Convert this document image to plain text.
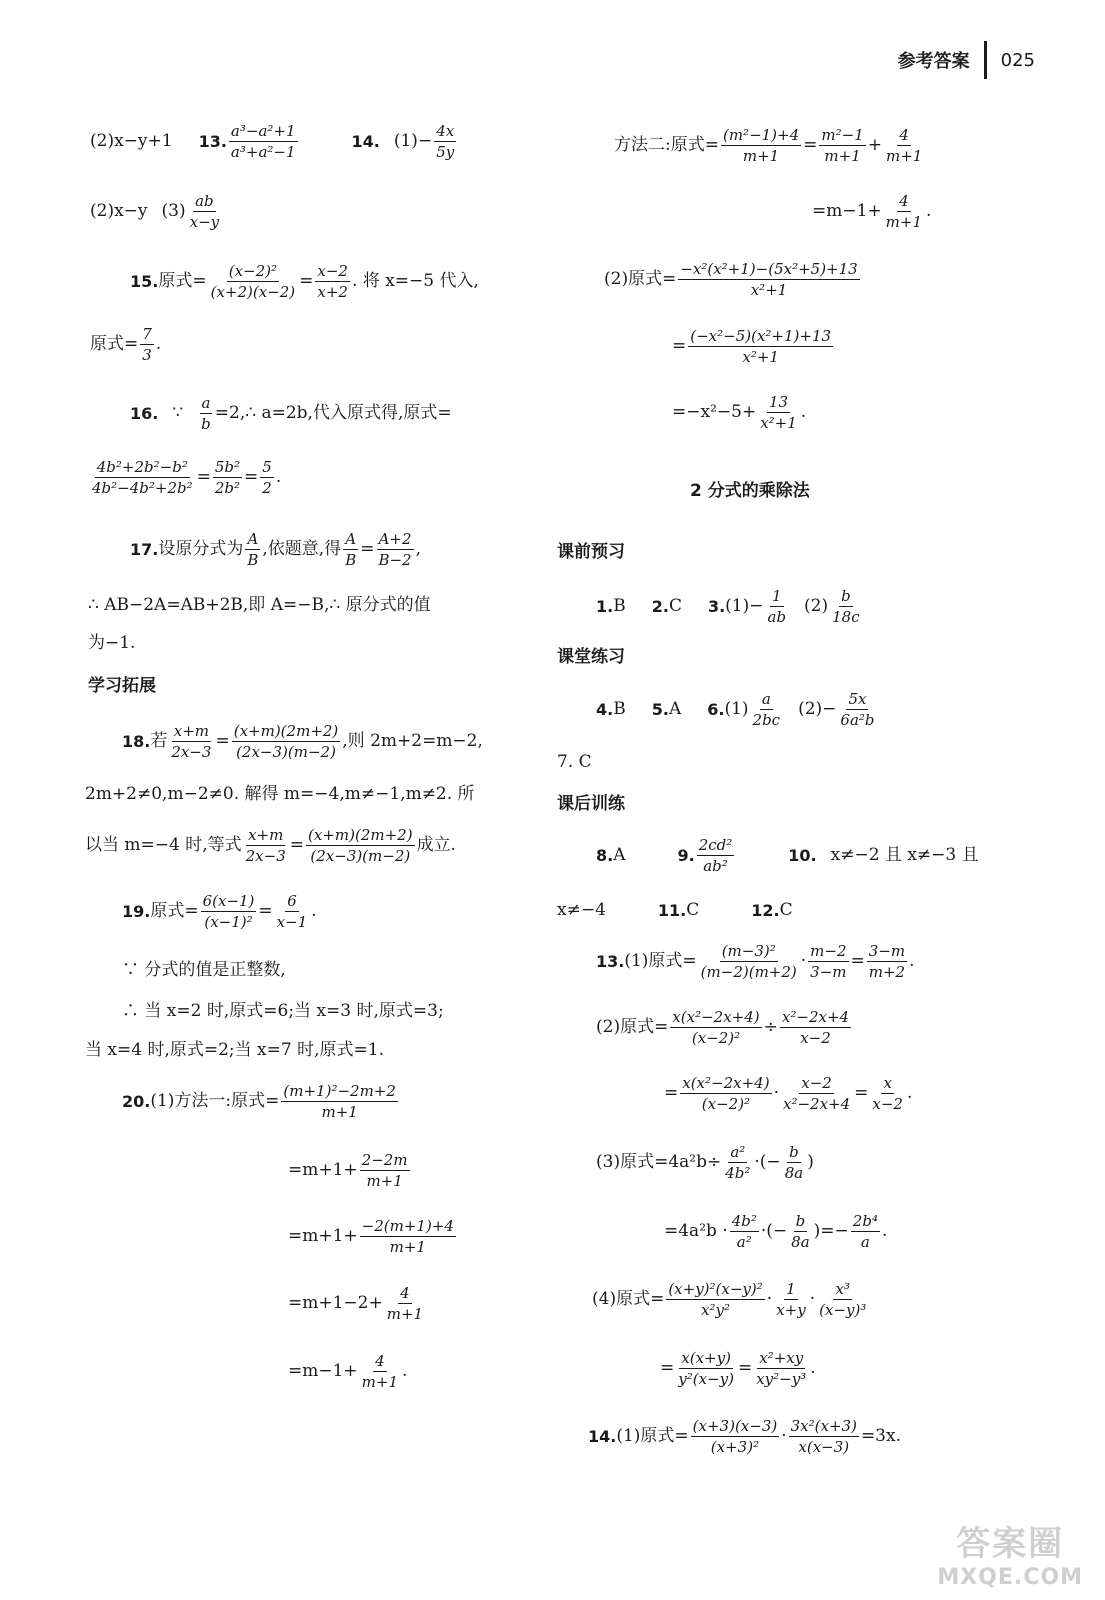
参考答案 025
(2)x−y+1 13.
a³−a²+1
a³+a²−1
14. $(1)- \frac{4x}{5y}$
(2)x−y (3)
ab
x−y
15. 原式= $\frac{\text{(x−2)²}}{(x+2)(x-2)} = \frac{x-2}{x+2}$ . 将 x=−5 代入,
原式= $\frac{7}{3}$ .
16. ∵ $\frac{a}{b}$ =2,∴ a=2b,代入原式得,原式=
$\frac{\text{4b²+2b²−b²}}{\text{4b²−4b²+2b²}} = \frac{\text{5b²}}{\text{2b²}} = \frac{5}{2}$ .
17. 设原分式为
A
B
,依题意,得 $\frac{A}{B} = \frac{A+2}{B-2}$ ,
∴ AB−2A=AB+2B,即 A=−B,∴ 原分式的值
为−1.
学习拓展
18. 若 $\frac{x+m}{2x-3} = \frac{(x+m)(2m+2)}{(2x-3)(m-2)}$ ,则 2m+2=m−2,
2m+2≠0,m−2≠0. 解得 m=−4,m≠−1,m≠2. 所
以当 m=−4 时,等式 $\frac{x+m}{2x-3} = \frac{(x+m)(2m+2)}{(2x-3)(m-2)}$ 成立.
19. 原式= $\frac{6(x-1)}{\text{(x−1)²}} = \frac{6}{x-1}$ .
∵ 分式的值是正整数,
∴ 当 x=2 时,原式=6;当 x=3 时,原式=3;
当 x=4 时,原式=2;当 x=7 时,原式=1.
20. (1)方法一:原式= $\frac{\text{(m+1)²−2m+2}}{m+1}$
$=m+1+ \frac{2-2m}{m+1}$
$=m+1+ \frac{-2(m+1)+4}{m+1}$
$=m+1-2+ \frac{4}{m+1}$
$=m-1+ \frac{4}{m+1}$ .
方法二:原式= $\frac{\text{(m²−1)+4}}{m+1} = \frac{\text{m²−1}}{m+1} + \frac{4}{m+1}$
$=m-1+ \frac{4}{m+1}$ .
(2)原式= $\frac{\text{−x²(x²+1)−(5x²+5)+13}}{\text{x²+1}}$
= $\frac{\text{(−x²−5)(x²+1)+13}}{\text{x²+1}}$
$=-x^2-5+ \frac{13}{\text{x²+1}}$ .
2 分式的乘除法
课前预习
1. B 2. C 3. $(1)- \frac{1}{ab} (2)$
b
18c
课堂练习
4. B 5. A 6. (1)
a
2bc
$(2)- \frac{5x}{\text{6a²b}}$
7. C
课后训练
8. A	9.
2cd²
ab²
10. x≠−2 且 x≠−3 且
x≠−4	11. C	12. C
13. (1)原式= $\frac{\text{(m−3)²}}{(m-2)(m+2)} \cdot \frac{m-2}{3-m} = \frac{3-m}{m+2}$ .
(2)原式= $\frac{\text{x(x²−2x+4)}}{\text{(x−2)²}} \div \frac{\text{x²−2x+4}}{x-2}$
= $\frac{\text{x(x²−2x+4)}}{\text{(x−2)²}} \cdot \frac{x-2}{\text{x²−2x+4}} = \frac{x}{x-2}$ .
(3)原式$=4a^2b\div \frac{\text{a²}}{\text{4b²}}$ · (− $\frac{b}{8a}$ )
=4a²b ·
4b²
a²
· (− $\frac{b}{8a}$ )=− $\frac{\text{2b⁴}}{a}$ .
(4)原式= $\frac{\text{(x+y)²(x−y)²}}{\text{x²y²}}$ ·
1
x+y
·
x³
(x−y)³
= $\frac{x(x+y)}{\text{y²(x−y)}} = \frac{\text{x²+xy}}{\text{xy²−y³}}$ .
14. (1)原式= $\frac{(x+3)(x-3)}{\text{(x+3)²}} \cdot \frac{\text{3x²(x+3)}}{x(x-3)} =3x$.
答案圈
MXQE.COM
